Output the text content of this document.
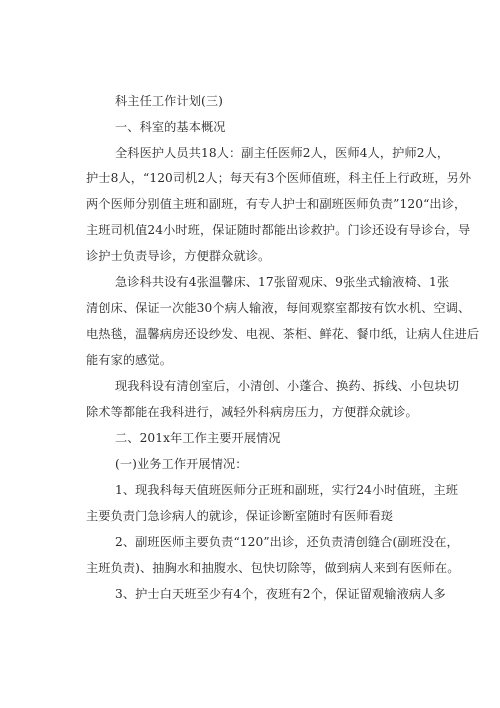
科主任工作计划(三)
一、科室的基本概况
全科医护人员共18人：副主任医师2人，医师4人，护师2人，
护士8人，“120司机2人；每天有3个医师值班，科主任上行政班，另外
两个医师分别值主班和副班，有专人护士和副班医师负责”120“出诊，
主班司机值24小时班，保证随时都能出诊救护。门诊还设有导诊台，导
诊护士负责导诊，方便群众就诊。
急诊科共设有4张温馨床、17张留观床、9张坐式输液椅、1张
清创床、保证一次能30个病人输液，每间观察室都按有饮水机、空调、
电热毯，温馨病房还设纱发、电视、茶柜、鲜花、餐巾纸，让病人住进后
能有家的感觉。
现我科设有清创室后，小清创、小蓬合、换药、拆线、小包块切
除术等都能在我科进行，减轻外科病房压力，方便群众就诊。
二、201x年工作主要开展情况
(一)业务工作开展情况：
1、现我科每天值班医师分正班和副班，实行24小时值班，主班
主要负责门急诊病人的就诊，保证诊断室随时有医师看珳
2、副班医师主要负责“120”出诊，还负责清创缝合(副班没在，
主班负责)、抽胸水和抽腹水、包快切除等，做到病人来到有医师在。
3、护士白天班至少有4个，夜班有2个，保证留观输液病人多
